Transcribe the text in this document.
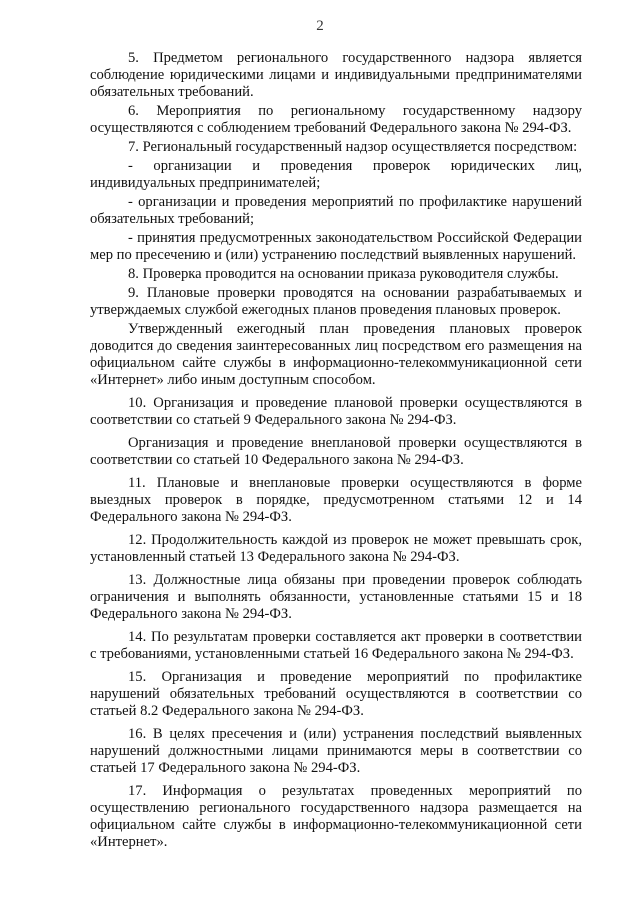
2

5. Предметом регионального государственного надзора является соблюдение юридическими лицами и индивидуальными предпринимателями обязательных требований.

6. Мероприятия по региональному государственному надзору осуществляются с соблюдением требований Федерального закона № 294-ФЗ.

7. Региональный государственный надзор осуществляется посредством:

- организации и проведения проверок юридических лиц, индивидуальных предпринимателей;

- организации и проведения мероприятий по профилактике нарушений обязательных требований;

- принятия предусмотренных законодательством Российской Федерации мер по пресечению и (или) устранению последствий выявленных нарушений.

8. Проверка проводится на основании приказа руководителя службы.

9. Плановые проверки проводятся на основании разрабатываемых и утверждаемых службой ежегодных планов проведения плановых проверок.

Утвержденный ежегодный план проведения плановых проверок доводится до сведения заинтересованных лиц посредством его размещения на официальном сайте службы в информационно-телекоммуникационной сети «Интернет» либо иным доступным способом.

10. Организация и проведение плановой проверки осуществляются в соответствии со статьей 9 Федерального закона № 294-ФЗ.

Организация и проведение внеплановой проверки осуществляются в соответствии со статьей 10 Федерального закона № 294-ФЗ.

11. Плановые и внеплановые проверки осуществляются в форме выездных проверок в порядке, предусмотренном статьями 12 и 14 Федерального закона № 294-ФЗ.

12. Продолжительность каждой из проверок не может превышать срок, установленный статьей 13 Федерального закона № 294-ФЗ.

13. Должностные лица обязаны при проведении проверок соблюдать ограничения и выполнять обязанности, установленные статьями 15 и 18 Федерального закона № 294-ФЗ.

14. По результатам проверки составляется акт проверки в соответствии с требованиями, установленными статьей 16 Федерального закона № 294-ФЗ.

15. Организация и проведение мероприятий по профилактике нарушений обязательных требований осуществляются в соответствии со статьей 8.2 Федерального закона № 294-ФЗ.

16. В целях пресечения и (или) устранения последствий выявленных нарушений должностными лицами принимаются меры в соответствии со статьей 17 Федерального закона № 294-ФЗ.

17. Информация о результатах проведенных мероприятий по осуществлению регионального государственного надзора размещается на официальном сайте службы в информационно-телекоммуникационной сети «Интернет».
